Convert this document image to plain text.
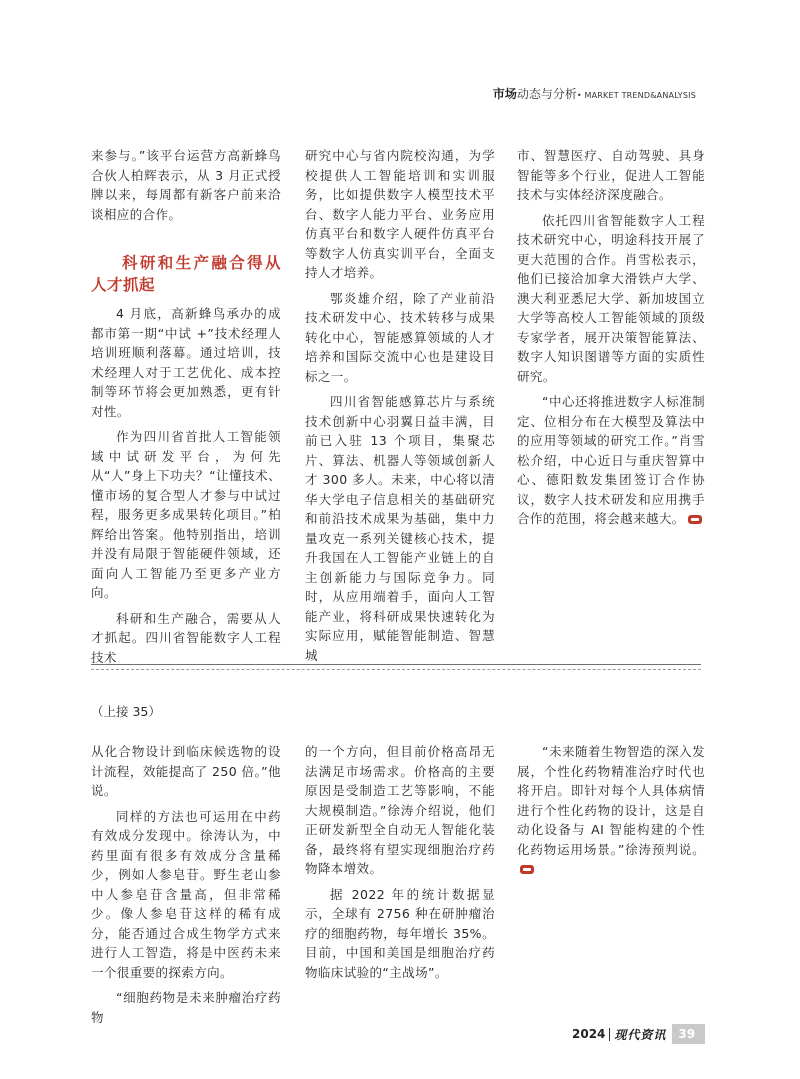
市场动态与分析• MARKET TREND&ANALYSIS

来参与。”该平台运营方高新蜂鸟合伙人柏辉表示，从 3 月正式授牌以来，每周都有新客户前来洽谈相应的合作。

科研和生产融合得从人才抓起

4 月底，高新蜂鸟承办的成都市第一期“中试 +”技术经理人培训班顺利落幕。通过培训，技术经理人对于工艺优化、成本控制等环节将会更加熟悉，更有针对性。

作为四川省首批人工智能领域中试研发平台，为何先从“人”身上下功夫？“让懂技术、懂市场的复合型人才参与中试过程，服务更多成果转化项目。”柏辉给出答案。他特别指出，培训并没有局限于智能硬件领域，还面向人工智能乃至更多产业方向。

科研和生产融合，需要从人才抓起。四川省智能数字人工程技术

研究中心与省内院校沟通，为学校提供人工智能培训和实训服务，比如提供数字人模型技术平台、数字人能力平台、业务应用仿真平台和数字人硬件仿真平台等数字人仿真实训平台，全面支持人才培养。

鄂炎雄介绍，除了产业前沿技术研发中心、技术转移与成果转化中心，智能感算领域的人才培养和国际交流中心也是建设目标之一。

四川省智能感算芯片与系统技术创新中心羽翼日益丰满，目前已入驻 13 个项目，集聚芯片、算法、机器人等领域创新人才 300 多人。未来，中心将以清华大学电子信息相关的基础研究和前沿技术成果为基础，集中力量攻克一系列关键核心技术，提升我国在人工智能产业链上的自主创新能力与国际竞争力。同时，从应用端着手，面向人工智能产业，将科研成果快速转化为实际应用，赋能智能制造、智慧城

市、智慧医疗、自动驾驶、具身智能等多个行业，促进人工智能技术与实体经济深度融合。

依托四川省智能数字人工程技术研究中心，明途科技开展了更大范围的合作。肖雪松表示，他们已接洽加拿大滑铁卢大学、澳大利亚悉尼大学、新加坡国立大学等高校人工智能领域的顶级专家学者，展开决策智能算法、数字人知识图谱等方面的实质性研究。

“中心还将推进数字人标准制定、位相分布在大模型及算法中的应用等领域的研究工作。”肖雪松介绍，中心近日与重庆智算中心、德阳数发集团签订合作协议，数字人技术研发和应用携手合作的范围，将会越来越大。

（上接 35）

从化合物设计到临床候选物的设计流程，效能提高了 250 倍。”他说。

同样的方法也可运用在中药有效成分发现中。徐涛认为，中药里面有很多有效成分含量稀少，例如人参皂苷。野生老山参中人参皂苷含量高，但非常稀少。像人参皂苷这样的稀有成分，能否通过合成生物学方式来进行人工智造，将是中医药未来一个很重要的探索方向。

“细胞药物是未来肿瘤治疗药物

的一个方向，但目前价格高昂无法满足市场需求。价格高的主要原因是受制造工艺等影响，不能大规模制造。”徐涛介绍说，他们正研发新型全自动无人智能化装备，最终将有望实现细胞治疗药物降本增效。

据 2022 年的统计数据显示，全球有 2756 种在研肿瘤治疗的细胞药物，每年增长 35%。目前，中国和美国是细胞治疗药物临床试验的“主战场”。

“未来随着生物智造的深入发展，个性化药物精准治疗时代也将开启。即针对每个人具体病情进行个性化药物的设计，这是自动化设备与 AI 智能构建的个性化药物运用场景。”徐涛预判说。

2024 现代资讯	39
